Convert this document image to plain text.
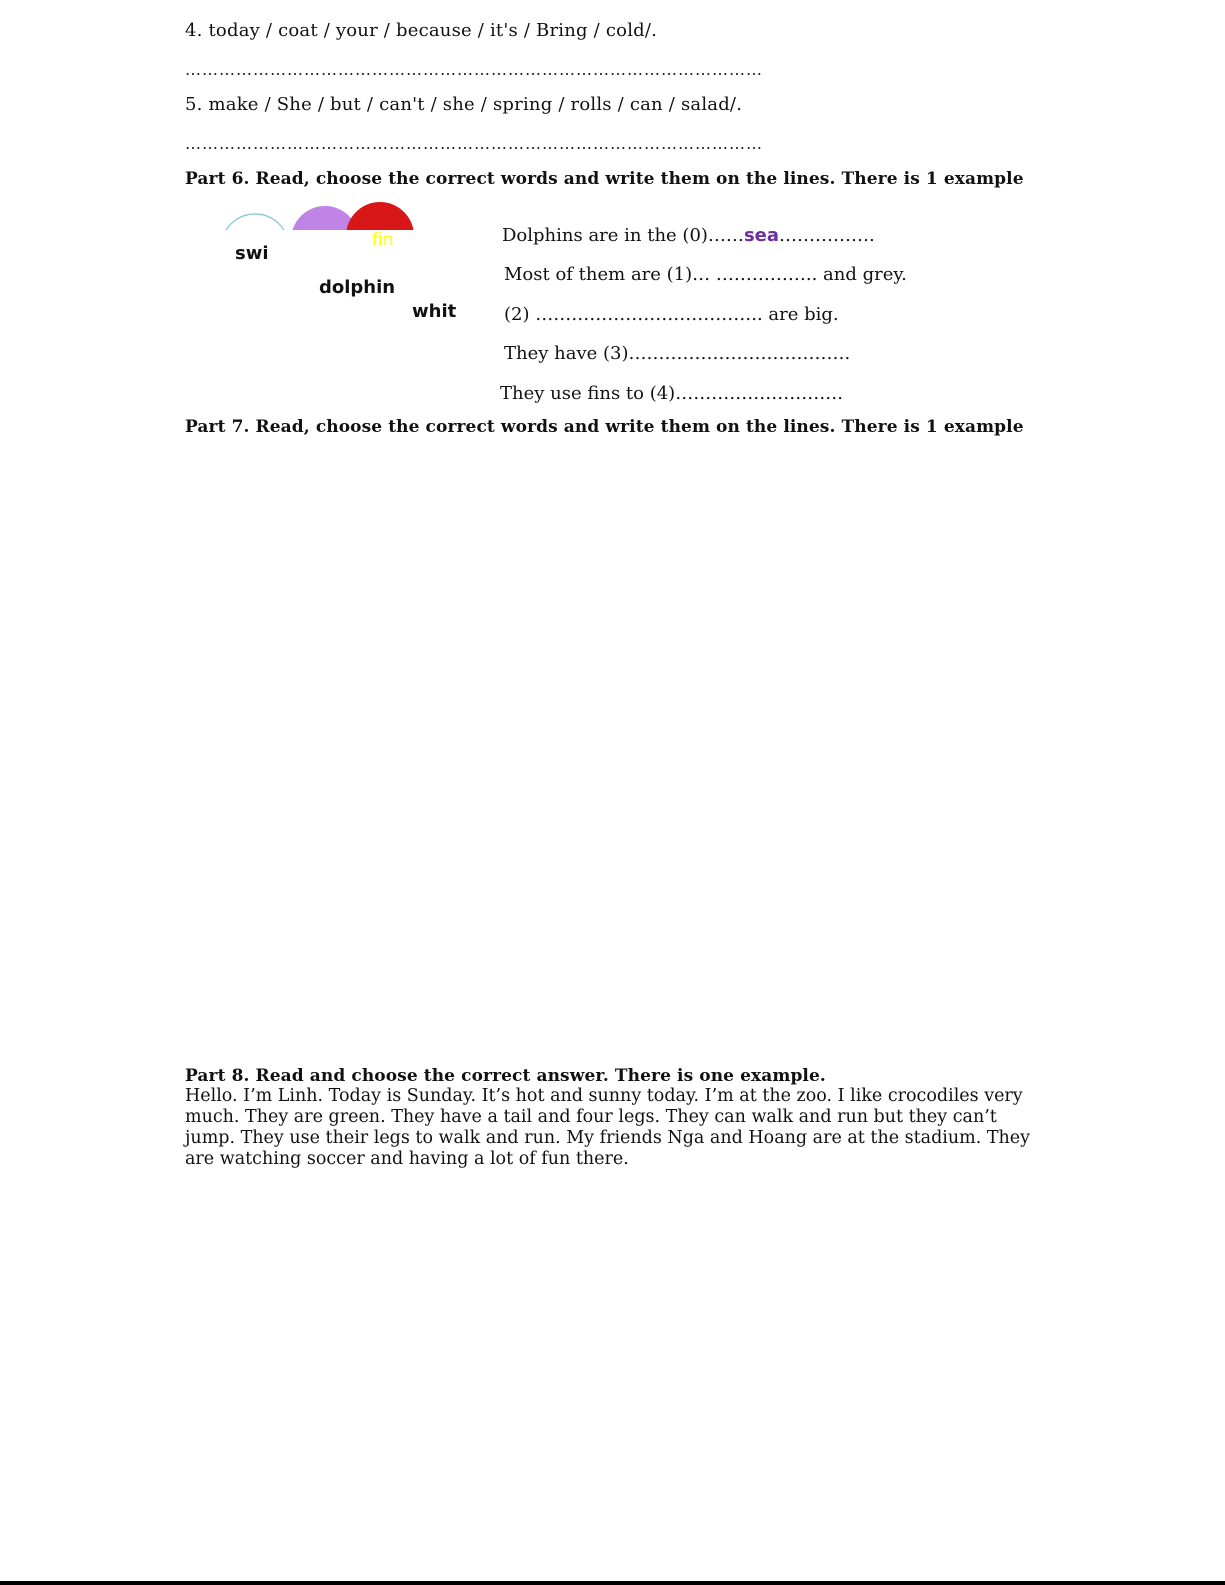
4. today / coat / your / because / it's / Bring / cold/.
…………………………………………………………………………………………
5. make / She / but / can't / she / spring / rolls / can / salad/.
…………………………………………………………………………………………
Part 6. Read, choose the correct words and write them on the lines. There is 1 example
fin
swi
dolphin
whit
Dolphins are in the (0)……sea…………….
Most of them are (1)… …………….. and grey.
(2) ……………………………….. are big.
They have (3)……………………………….
They use fins to (4)……………………….
Part 7. Read, choose the correct words and write them on the lines. There is 1 example
Part 8. Read and choose the correct answer. There is one example.
Hello. I’m Linh. Today is Sunday. It’s hot and sunny today. I’m at the zoo. I like crocodiles very much. They are green. They have a tail and four legs. They can walk and run but they can’t jump. They use their legs to walk and run. My friends Nga and Hoang are at the stadium. They are watching soccer and having a lot of fun there.
